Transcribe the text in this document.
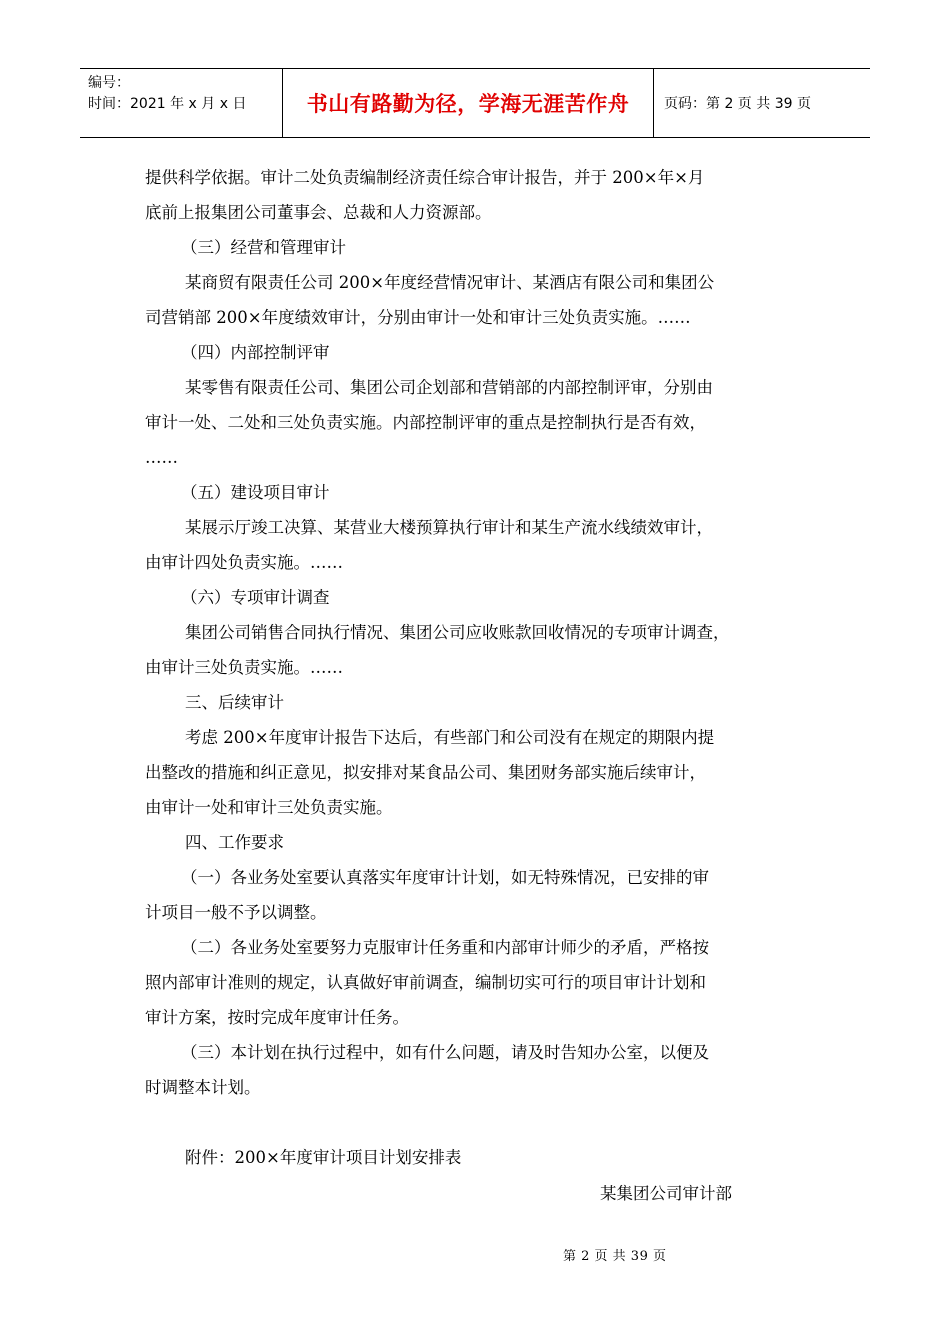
编号：
时间：2021 年 x 月 x 日	书山有路勤为径，学海无涯苦作舟	页码：第 2 页 共 39 页

提供科学依据。审计二处负责编制经济责任综合审计报告，并于 200×年×月

底前上报集团公司董事会、总裁和人力资源部。

（三）经营和管理审计

某商贸有限责任公司 200×年度经营情况审计、某酒店有限公司和集团公

司营销部 200×年度绩效审计，分别由审计一处和审计三处负责实施。……

（四）内部控制评审

某零售有限责任公司、集团公司企划部和营销部的内部控制评审，分别由

审计一处、二处和三处负责实施。内部控制评审的重点是控制执行是否有效，

……

（五）建设项目审计

某展示厅竣工决算、某营业大楼预算执行审计和某生产流水线绩效审计，

由审计四处负责实施。……

（六）专项审计调查

集团公司销售合同执行情况、集团公司应收账款回收情况的专项审计调查，

由审计三处负责实施。……

三、后续审计

考虑 200×年度审计报告下达后，有些部门和公司没有在规定的期限内提

出整改的措施和纠正意见，拟安排对某食品公司、集团财务部实施后续审计，

由审计一处和审计三处负责实施。

四、工作要求

（一）各业务处室要认真落实年度审计计划，如无特殊情况，已安排的审

计项目一般不予以调整。

（二）各业务处室要努力克服审计任务重和内部审计师少的矛盾，严格按

照内部审计准则的规定，认真做好审前调查，编制切实可行的项目审计计划和

审计方案，按时完成年度审计任务。

（三）本计划在执行过程中，如有什么问题，请及时告知办公室，以便及

时调整本计划。

附件：200×年度审计项目计划安排表

某集团公司审计部
第 2 页 共 39 页
